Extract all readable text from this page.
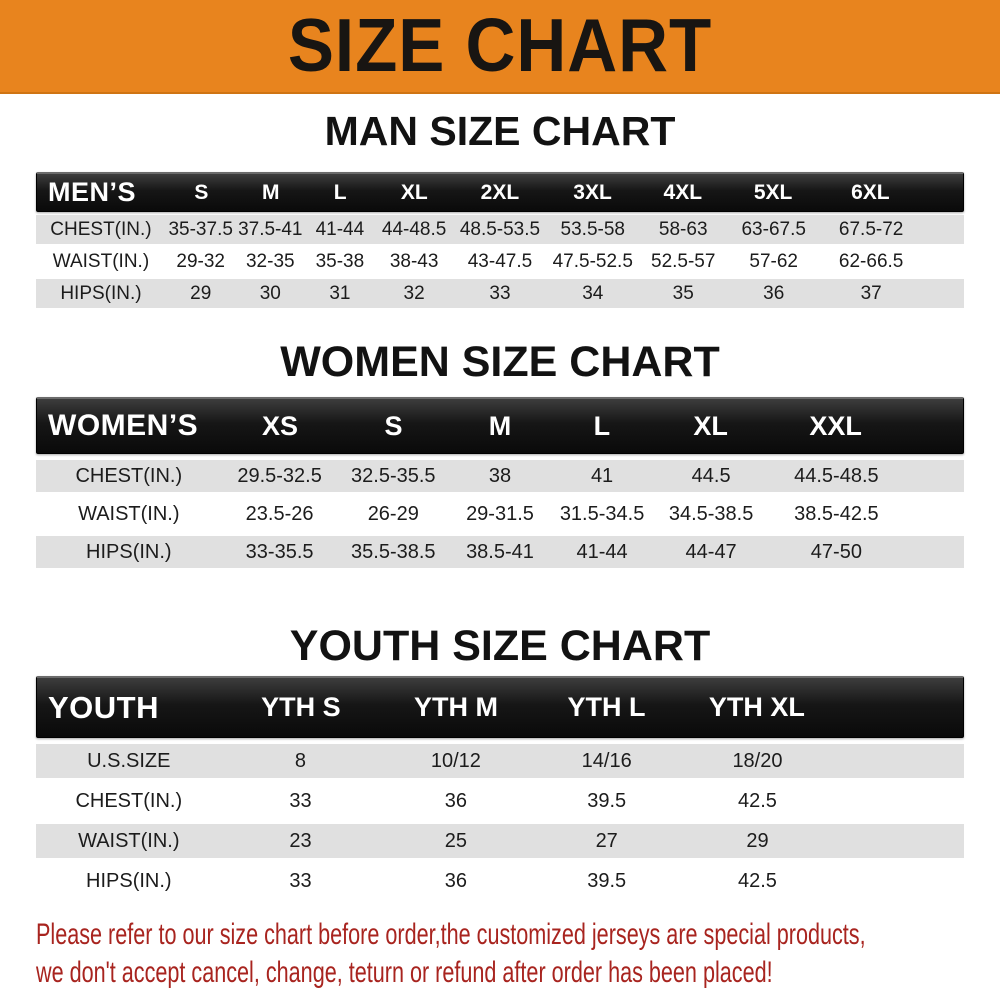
SIZE CHART
MAN SIZE CHART
MEN’S	S	M	L	XL	2XL	3XL	4XL	5XL	6XL
CHEST(IN.) 35-37.5 37.5-41 41-44 44-48.5 48.5-53.5	53.5-58	58-63	63-67.5	67.5-72
WAIST(IN.)	29-32	32-35	35-38	38-43	43-47.5	47.5-52.5 52.5-57	57-62	62-66.5
HIPS(IN.)	29	30	31	32	33	34	35	36	37
WOMEN SIZE CHART
WOMEN’S	XS	S	M	L	XL	XXL
CHEST(IN.)	29.5-32.5	32.5-35.5	38	41	44.5	44.5-48.5
WAIST(IN.)	23.5-26	26-29	29-31.5	31.5-34.5	34.5-38.5	38.5-42.5
HIPS(IN.)	33-35.5	35.5-38.5	38.5-41	41-44	44-47	47-50
YOUTH SIZE CHART
YOUTH	YTH S	YTH M	YTH L	YTH XL
U.S.SIZE	8	10/12	14/16	18/20
CHEST(IN.)	33	36	39.5	42.5
WAIST(IN.)	23	25	27	29
HIPS(IN.)	33	36	39.5	42.5

Please refer to our size chart before order,the customized jerseys are special products,

we don't accept cancel, change, teturn or refund after order has been placed!
